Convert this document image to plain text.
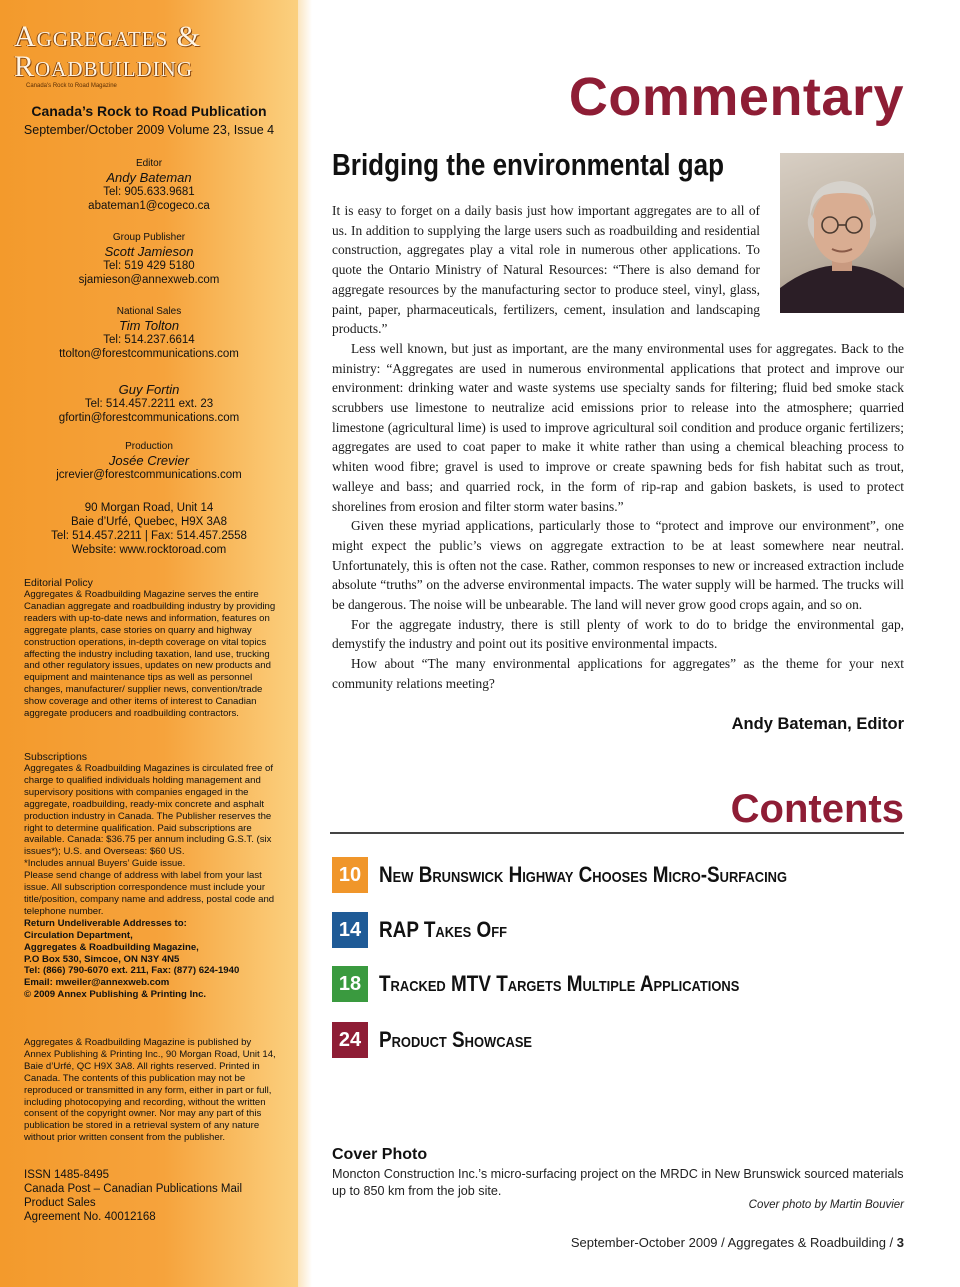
Aggregates &
Roadbuilding
Canada's Rock to Road Magazine
Canada’s Rock to Road Publication
September/October 2009 Volume 23, Issue 4
Editor
Andy Bateman
Tel: 905.633.9681
abateman1@cogeco.ca
Group Publisher
Scott Jamieson
Tel: 519 429 5180
sjamieson@annexweb.com
National Sales
Tim Tolton
Tel: 514.237.6614
ttolton@forestcommunications.com
Guy Fortin
Tel: 514.457.2211 ext. 23
gfortin@forestcommunications.com
Production
Josée Crevier
jcrevier@forestcommunications.com
90 Morgan Road, Unit 14
Baie d’Urfé, Quebec, H9X 3A8
Tel: 514.457.2211 | Fax: 514.457.2558
Website: www.rocktoroad.com
Editorial Policy
Aggregates & Roadbuilding Magazine serves the entire Canadian aggregate and roadbuilding industry by providing readers with up-to-date news and information, features on aggregate plants, case stories on quarry and highway construction operations, in-depth coverage on vital topics affecting the industry including taxation, land use, trucking and other regulatory issues, updates on new products and equipment and maintenance tips as well as personnel changes, manufacturer/ supplier news, convention/trade show coverage and other items of interest to Canadian aggregate producers and roadbuilding contractors.
Subscriptions
Aggregates & Roadbuilding Magazines is circulated free of charge to qualified individuals holding management and supervisory positions with companies engaged in the aggregate, roadbuilding, ready-mix concrete and asphalt production industry in Canada. The Publisher reserves the right to determine qualification. Paid subscriptions are available. Canada: $36.75 per annum including G.S.T. (six issues*); U.S. and Overseas: $60 US.
*Includes annual Buyers’ Guide issue.
Please send change of address with label from your last issue. All subscription correspondence must include your title/position, company name and address, postal code and telephone number.
Return Undeliverable Addresses to:
Circulation Department,
Aggregates & Roadbuilding Magazine,
P.O Box 530, Simcoe, ON N3Y 4N5
Tel: (866) 790-6070 ext. 211, Fax: (877) 624-1940
Email: mweiler@annexweb.com
© 2009 Annex Publishing & Printing Inc.
Aggregates & Roadbuilding Magazine is published by Annex Publishing & Printing Inc., 90 Morgan Road, Unit 14, Baie d’Urfé, QC H9X 3A8. All rights reserved. Printed in Canada. The contents of this publication may not be reproduced or transmitted in any form, either in part or full, including photocopying and recording, without the written consent of the copyright owner. Nor may any part of this publication be stored in a retrieval system of any nature without prior written consent from the publisher.
ISSN 1485-8495
Canada Post – Canadian Publications Mail
Product Sales
Agreement No. 40012168
Commentary
Bridging the environmental gap

It is easy to forget on a daily basis just how important aggregates are to all of us. In addition to supplying the large users such as roadbuilding and residential construction, aggregates play a vital role in numerous other applications. To quote the Ontario Ministry of Natural Resources: “There is also demand for aggregate resources by the manufacturing sector to produce steel, vinyl, glass, paint, paper, pharmaceuticals, fertilizers, cement, insulation and landscaping products.”

Less well known, but just as important, are the many environmental uses for aggregates. Back to the ministry: “Aggregates are used in numerous environmental applications that protect and improve our environment: drinking water and waste systems use specialty sands for filtering; fluid bed smoke stack scrubbers use limestone to neutralize acid emissions prior to release into the atmosphere; quarried limestone (agricultural lime) is used to improve agricultural soil condition and produce organic fertilizers; aggregates are used to coat paper to make it white rather than using a chemical bleaching process to whiten wood fibre; gravel is used to improve or create spawning beds for fish habitat such as trout, walleye and bass; and quarried rock, in the form of rip-rap and gabion baskets, is used to protect shorelines from erosion and filter storm water basins.”

Given these myriad applications, particularly those to “protect and improve our environment”, one might expect the public’s views on aggregate extraction to be at least somewhere near neutral. Unfortunately, this is often not the case. Rather, common responses to new or increased extraction include absolute “truths” on the adverse environmental impacts. The water supply will be harmed. The trucks will be dangerous. The noise will be unbearable. The land will never grow good crops again, and so on.

For the aggregate industry, there is still plenty of work to do to bridge the environmental gap, demystify the industry and point out its positive environmental impacts.

How about “The many environmental applications for aggregates” as the theme for your next community relations meeting?

Andy Bateman, Editor
Contents
10 New Brunswick Highway Chooses Micro-Surfacing
14 RAP Takes Off
18 Tracked MTV Targets Multiple Applications
24 Product Showcase
Cover Photo
Moncton Construction Inc.’s micro-surfacing project on the MRDC in New Brunswick sourced materials up to 850 km from the job site.
Cover photo by Martin Bouvier
September-October 2009 / Aggregates & Roadbuilding / 3
